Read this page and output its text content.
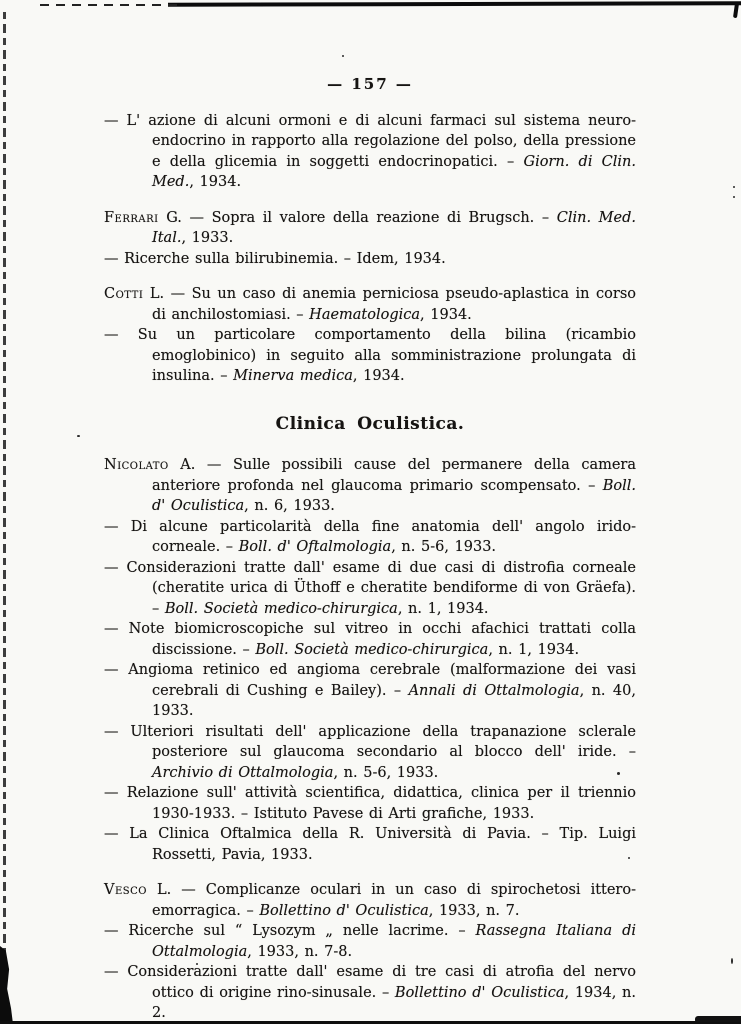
— 157 —

— L' azione di alcuni ormoni e di alcuni farmaci sul sistema neuro-endocrino in rapporto alla regolazione del polso, della pressione e della glicemia in soggetti endocrinopatici. – Giorn. di Clin. Med., 1934.

Ferrari G. — Sopra il valore della reazione di Brugsch. – Clin. Med. Ital., 1933.

— Ricerche sulla bilirubinemia. – Idem, 1934.

Cotti L. — Su un caso di anemia perniciosa pseudo-aplastica in corso di anchilostomiasi. – Haematologica, 1934.

— Su un particolare comportamento della bilina (ricambio emoglobinico) in seguito alla somministrazione prolungata di insulina. – Minerva medica, 1934.

Clinica Oculistica.

Nicolato A. — Sulle possibili cause del permanere della camera anteriore profonda nel glaucoma primario scompensato. – Boll. d' Oculistica, n. 6, 1933.

— Di alcune particolarità della fine anatomia dell' angolo irido-corneale. – Boll. d' Oftalmologia, n. 5-6, 1933.

— Considerazioni tratte dall' esame di due casi di distrofia corneale (cheratite urica di Üthoff e cheratite bendiforme di von Gräefa). – Boll. Società medico-chirurgica, n. 1, 1934.

— Note biomicroscopiche sul vitreo in occhi afachici trattati colla discissione. – Boll. Società medico-chirurgica, n. 1, 1934.

— Angioma retinico ed angioma cerebrale (malformazione dei vasi cerebrali di Cushing e Bailey). – Annali di Ottalmologia, n. 40, 1933.

— Ulteriori risultati dell' applicazione della trapanazione sclerale posteriore sul glaucoma secondario al blocco dell' iride. – Archivio di Ottalmologia, n. 5-6, 1933.

— Relazione sull' attività scientifica, didattica, clinica per il triennio 1930-1933. – Istituto Pavese di Arti grafiche, 1933.

— La Clinica Oftalmica della R. Università di Pavia. – Tip. Luigi Rossetti, Pavia, 1933.

Vesco L. — Complicanze oculari in un caso di spirochetosi ittero-emorragica. – Bollettino d' Oculistica, 1933, n. 7.

— Ricerche sul “ Lysozym „ nelle lacrime. – Rassegna Italiana di Ottalmologia, 1933, n. 7-8.

— Considerazioni tratte dall' esame di tre casi di atrofia del nervo ottico di origine rino-sinusale. – Bollettino d' Oculistica, 1934, n. 2.
